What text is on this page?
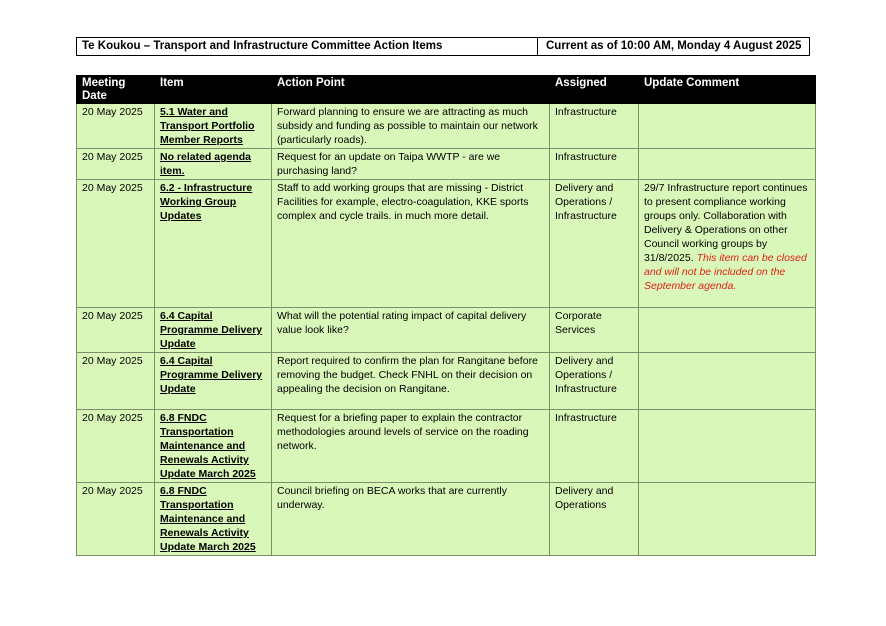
Te Koukou – Transport and Infrastructure Committee Action Items	Current as of 10:00 AM, Monday 4 August 2025
Meeting Date	Item	Action Point	Assigned	Update Comment
20 May 2025	5.1 Water and Transport Portfolio Member Reports	Forward planning to ensure we are attracting as much subsidy and funding as possible to maintain our network (particularly roads).	Infrastructure	
20 May 2025	No related agenda item.	Request for an update on Taipa WWTP - are we purchasing land?	Infrastructure	
20 May 2025	6.2 - Infrastructure Working Group Updates	Staff to add working groups that are missing - District Facilities for example, electro-coagulation, KKE sports complex and cycle trails. in much more detail.	Delivery and Operations / Infrastructure	29/7 Infrastructure report continues to present compliance working groups only. Collaboration with Delivery & Operations on other Council working groups by 31/8/2025. This item can be closed and will not be included on the September agenda.
20 May 2025	6.4 Capital Programme Delivery Update	What will the potential rating impact of capital delivery value look like?	Corporate Services	
20 May 2025	6.4 Capital Programme Delivery Update	Report required to confirm the plan for Rangitane before removing the budget. Check FNHL on their decision on appealing the decision on Rangitane.	Delivery and Operations / Infrastructure	
20 May 2025	6.8 FNDC Transportation Maintenance and Renewals Activity Update March 2025	Request for a briefing paper to explain the contractor methodologies around levels of service on the roading network.	Infrastructure	
20 May 2025	6.8 FNDC Transportation Maintenance and Renewals Activity Update March 2025	Council briefing on BECA works that are currently underway.	Delivery and Operations	
